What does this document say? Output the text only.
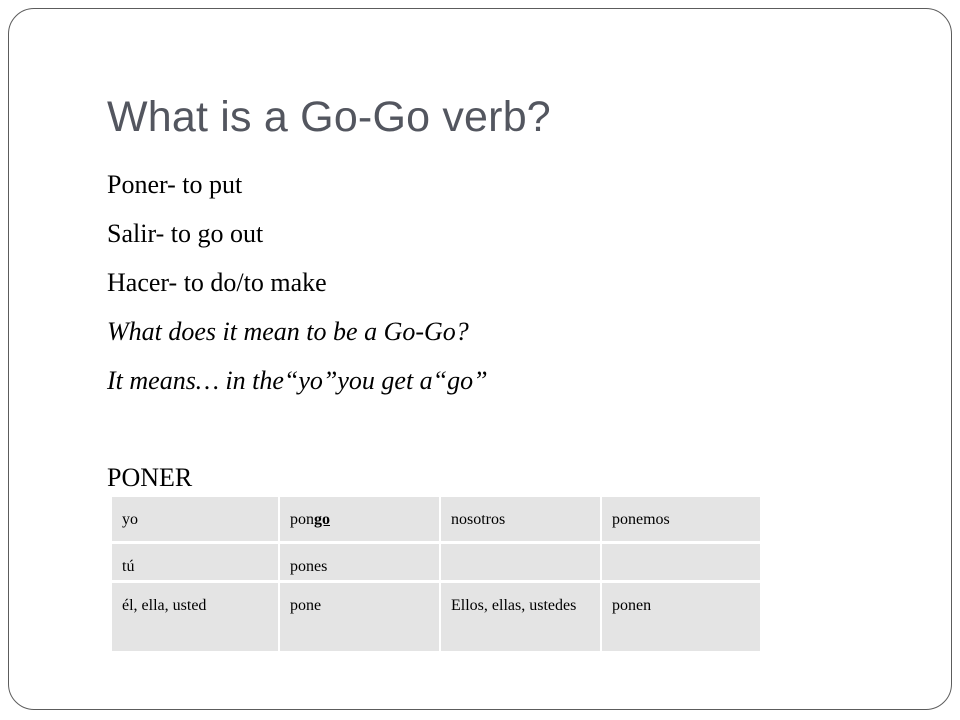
What is a Go-Go verb?
Poner- to put
Salir- to go out
Hacer- to do/to make
What does it mean to be a Go-Go?
It means… in the“yo”you get a“go”
PONER
yo	pongo	nosotros	ponemos
tú	pones		
él, ella, usted	pone	Ellos, ellas, ustedes	ponen
